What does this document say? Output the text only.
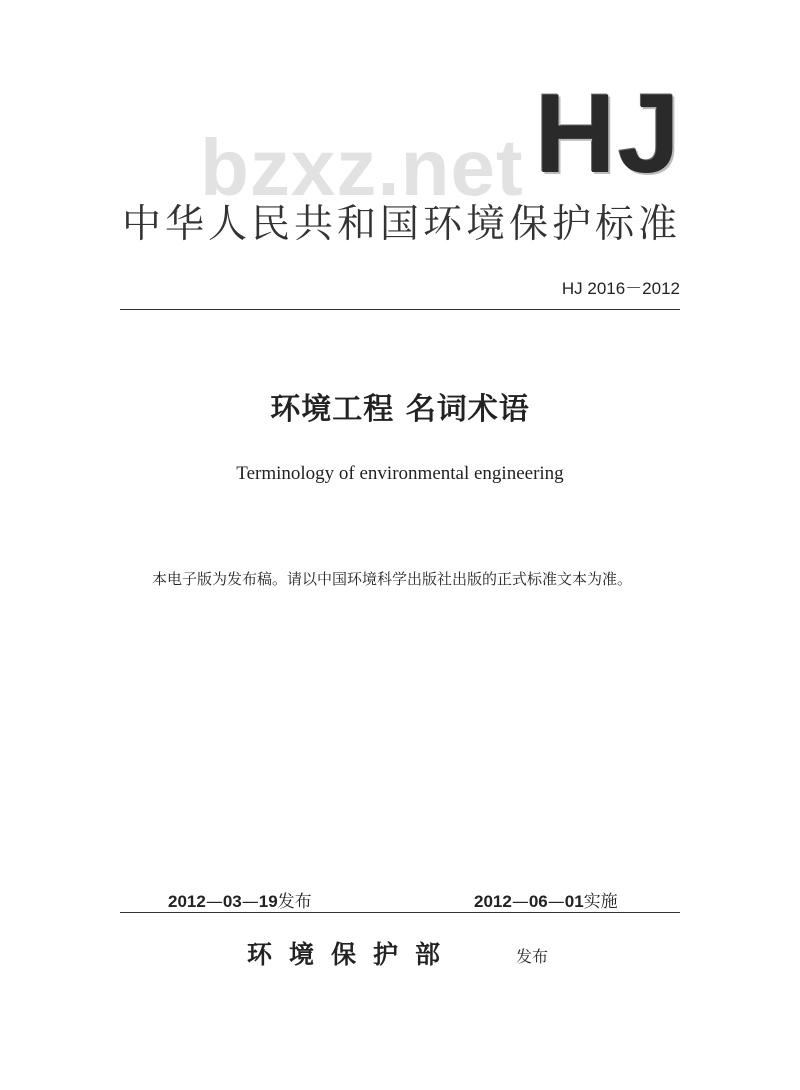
HJ
bzxz.net
中华人民共和国环境保护标准
HJ 2016－2012
环境工程 名词术语
Terminology of environmental engineering
本电子版为发布稿。请以中国环境科学出版社出版的正式标准文本为准。
2012—03—19发布	2012—06—01实施
环境保护部	发布
